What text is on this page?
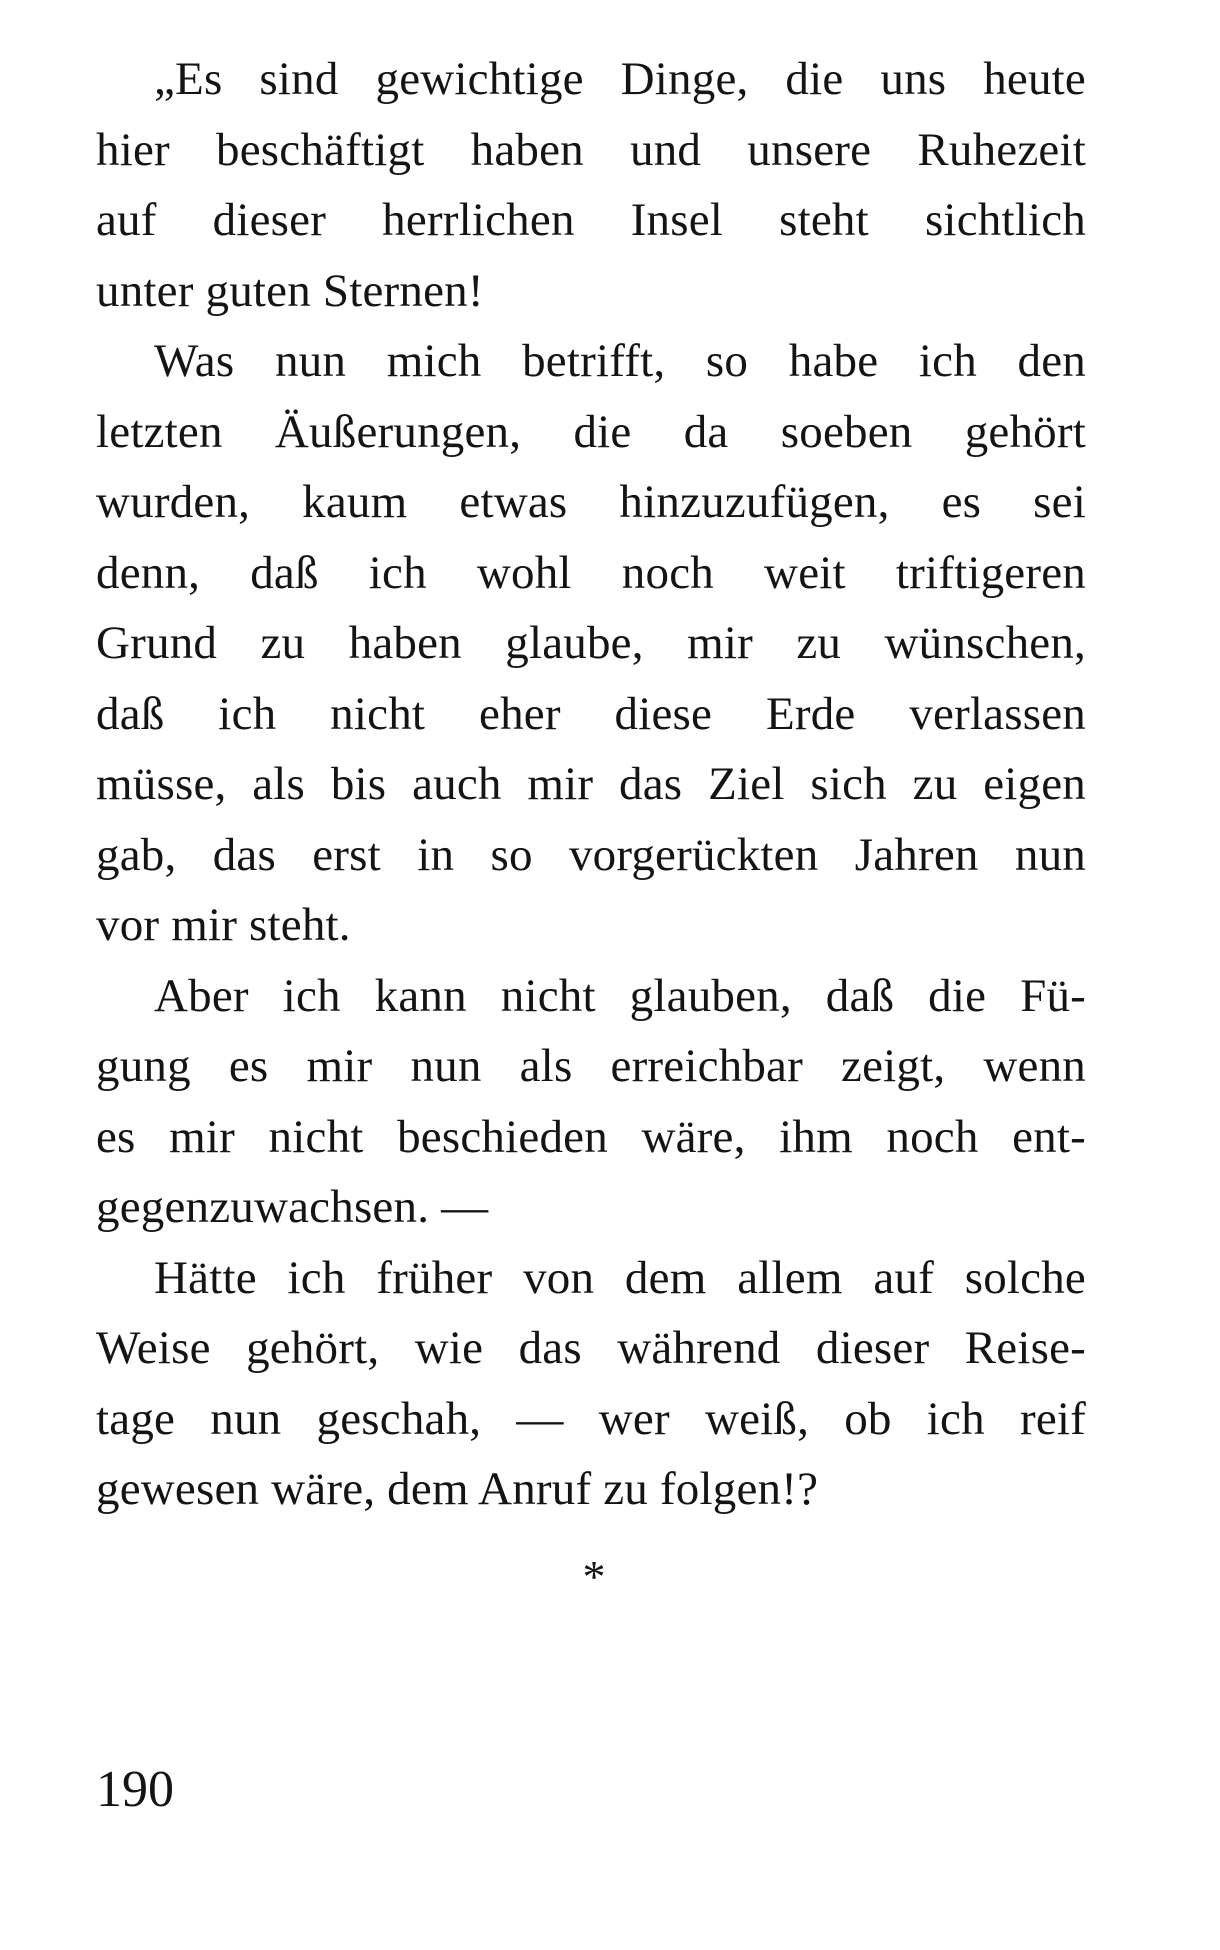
„Es sind gewichtige Dinge, die uns heute
hier beschäftigt haben und unsere Ruhezeit
auf dieser herrlichen Insel steht sichtlich
unter guten Sternen!
Was nun mich betrifft, so habe ich den
letzten Äußerungen, die da soeben gehört
wurden, kaum etwas hinzuzufügen, es sei
denn, daß ich wohl noch weit triftigeren
Grund zu haben glaube, mir zu wünschen,
daß ich nicht eher diese Erde verlassen
müsse, als bis auch mir das Ziel sich zu eigen
gab, das erst in so vorgerückten Jahren nun
vor mir steht.
Aber ich kann nicht glauben, daß die Fü-
gung es mir nun als erreichbar zeigt, wenn
es mir nicht beschieden wäre, ihm noch ent-
gegenzuwachsen. —
Hätte ich früher von dem allem auf solche
Weise gehört, wie das während dieser Reise-
tage nun geschah, — wer weiß, ob ich reif
gewesen wäre, dem Anruf zu folgen!?
*
190
